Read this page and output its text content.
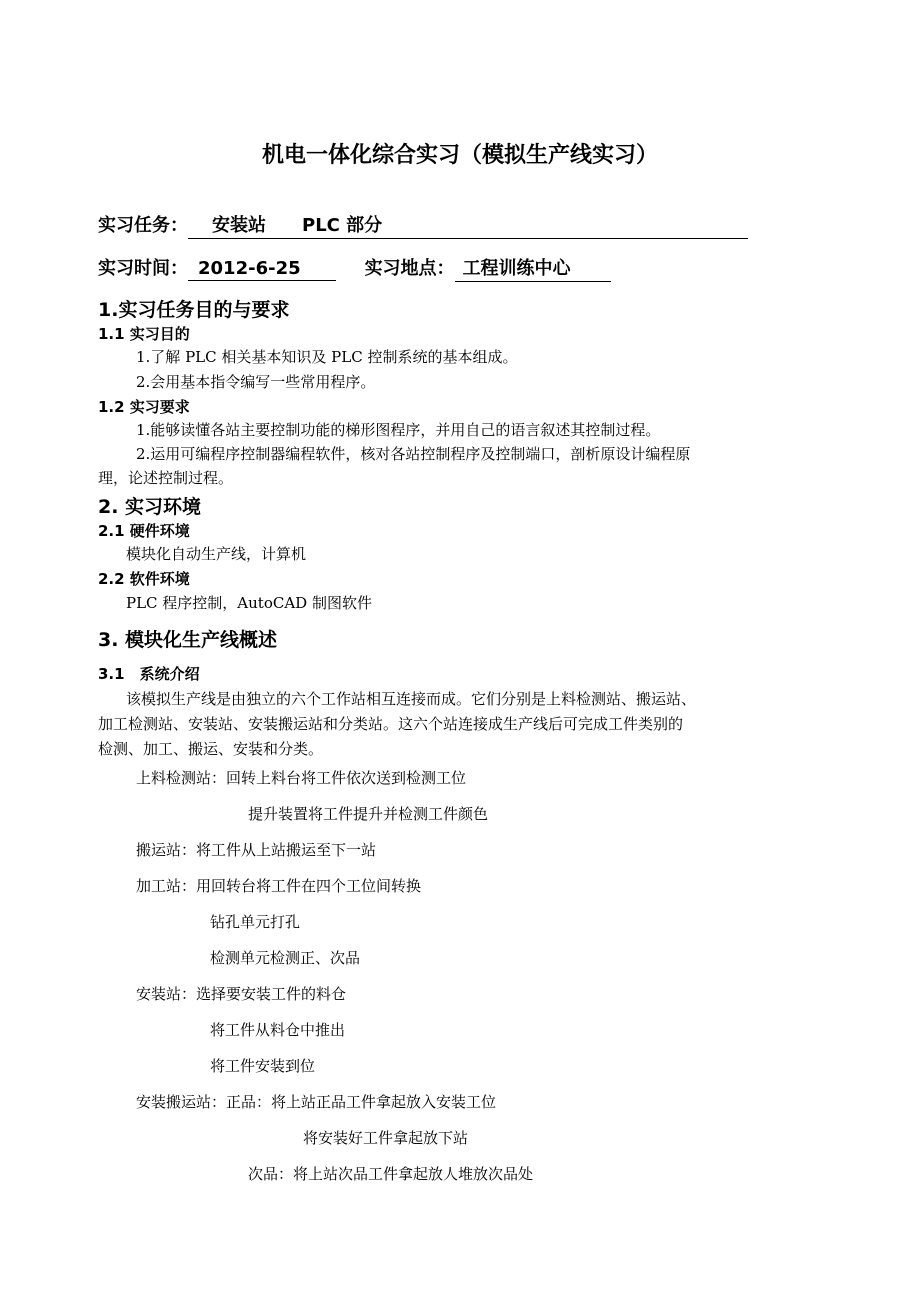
机电一体化综合实习（模拟生产线实习）
实习任务： 安装站　　PLC 部分
实习时间： 2012-6-25	实习地点： 工程训练中心
1.实习任务目的与要求
1.1 实习目的
1.了解 PLC 相关基本知识及 PLC 控制系统的基本组成。
2.会用基本指令编写一些常用程序。
1.2 实习要求
1.能够读懂各站主要控制功能的梯形图程序，并用自己的语言叙述其控制过程。
2.运用可编程序控制器编程软件，核对各站控制程序及控制端口，剖析原设计编程原
理，论述控制过程。
2. 实习环境
2.1 硬件环境
模块化自动生产线，计算机
2.2 软件环境
PLC 程序控制，AutoCAD 制图软件
3. 模块化生产线概述
3.1　系统介绍
该模拟生产线是由独立的六个工作站相互连接而成。它们分别是上料检测站、搬运站、
加工检测站、安装站、安装搬运站和分类站。这六个站连接成生产线后可完成工件类别的
检测、加工、搬运、安装和分类。
上料检测站：回转上料台将工件依次送到检测工位
提升装置将工件提升并检测工件颜色
搬运站：将工件从上站搬运至下一站
加工站：用回转台将工件在四个工位间转换
钻孔单元打孔
检测单元检测正、次品
安装站：选择要安装工件的料仓
将工件从料仓中推出
将工件安装到位
安装搬运站：正品：将上站正品工件拿起放入安装工位
将安装好工件拿起放下站
次品：将上站次品工件拿起放人堆放次品处
